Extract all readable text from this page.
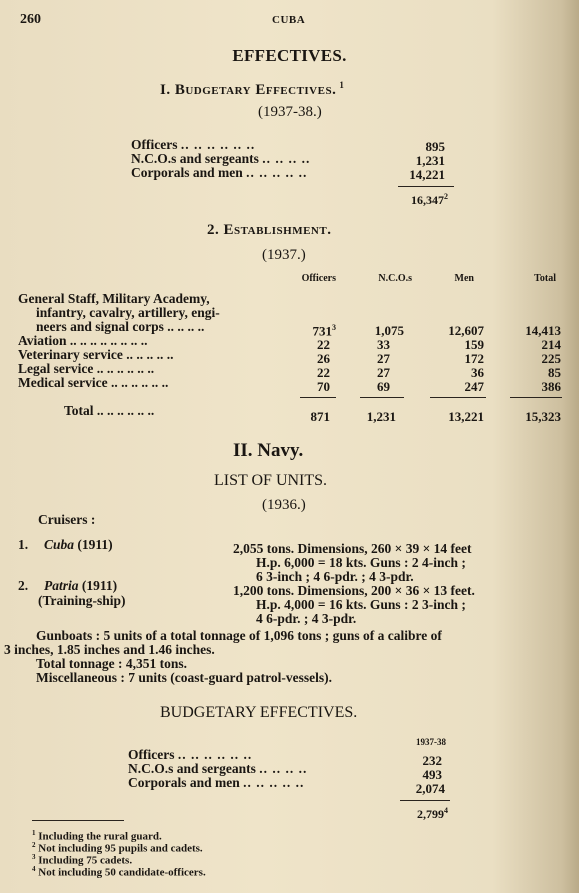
260	CUBA
EFFECTIVES.
I. Budgetary Effectives. $^1$
(1937-38.)
Officers .. .. .. .. .. ..	895
N.C.O.s and sergeants .. .. .. ..	1,231
Corporals and men .. .. .. .. ..	14,221
16,347$^2$
2. Establishment.
(1937.)
Officers	N.C.O.s	Men	Total
General Staff, Military Academy,
infantry, cavalry, artillery, engi-
neers and signal corps .. .. .. ..	$731^3$	1,075	12,607	14,413
Aviation .. .. .. .. .. .. .. ..	22	33	159	214
Veterinary service .. .. .. .. ..	26	27	172	225
Legal service .. .. .. .. .. ..	22	27	36	85
Medical service .. .. .. .. .. ..	70	69	247	386
Total .. .. .. .. .. ..	871	1,231	13,221	15,323
II. Navy.
LIST OF UNITS.
(1936.)
Cruisers :
1. Cuba (1911)	2,055 tons. Dimensions, 260 × 39 × 14 feet
H.p. 6,000 = 18 kts. Guns : 2 4-inch ;
6 3-inch ; 4 6-pdr. ; 4 3-pdr.
2. Patria (1911)
(Training-ship)
1,200 tons. Dimensions, 200 × 36 × 13 feet.
H.p. 4,000 = 16 kts. Guns : 2 3-inch ;
4 6-pdr. ; 4 3-pdr.
Gunboats : 5 units of a total tonnage of 1,096 tons ; guns of a calibre of
3 inches, 1.85 inches and 1.46 inches.
Total tonnage : 4,351 tons.
Miscellaneous : 7 units (coast-guard patrol-vessels).
BUDGETARY EFFECTIVES.
1937-38
Officers .. .. .. .. .. ..	232
N.C.O.s and sergeants .. .. .. ..	493
Corporals and men .. .. .. .. ..	2,074
2,799$^4$
$^1$ Including the rural guard.
$^2$ Not including 95 pupils and cadets.
$^3$ Including 75 cadets.
$^4$ Not including 50 candidate-officers.
